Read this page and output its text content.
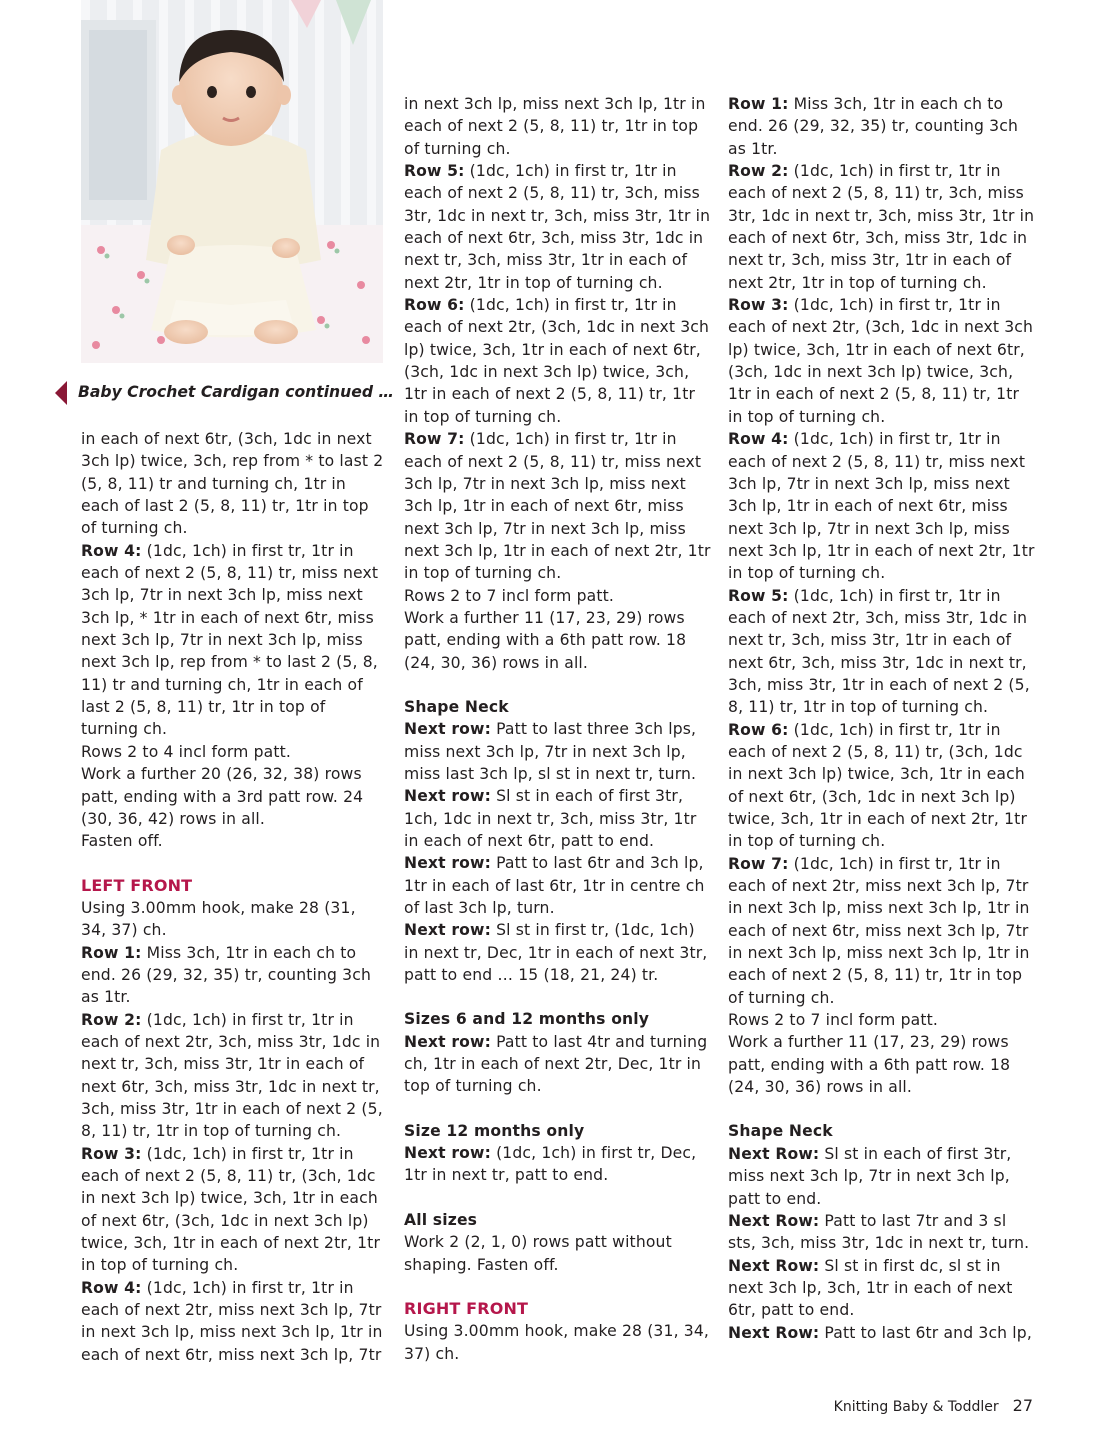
Baby Crochet Cardigan continued …

in each of next 6tr, (3ch, 1dc in next 3ch lp) twice, 3ch, rep from * to last 2 (5, 8, 11) tr and turning ch, 1tr in each of last 2 (5, 8, 11) tr, 1tr in top of turning ch.

Row 4: (1dc, 1ch) in first tr, 1tr in each of next 2 (5, 8, 11) tr, miss next 3ch lp, 7tr in next 3ch lp, miss next 3ch lp, * 1tr in each of next 6tr, miss next 3ch lp, 7tr in next 3ch lp, miss next 3ch lp, rep from * to last 2 (5, 8, 11) tr and turning ch, 1tr in each of last 2 (5, 8, 11) tr, 1tr in top of turning ch.

Rows 2 to 4 incl form patt.

Work a further 20 (26, 32, 38) rows patt, ending with a 3rd patt row. 24 (30, 36, 42) rows in all.

Fasten off.

LEFT FRONT

Using 3.00mm hook, make 28 (31, 34, 37) ch.

Row 1: Miss 3ch, 1tr in each ch to end. 26 (29, 32, 35) tr, counting 3ch as 1tr.

Row 2: (1dc, 1ch) in first tr, 1tr in each of next 2tr, 3ch, miss 3tr, 1dc in next tr, 3ch, miss 3tr, 1tr in each of next 6tr, 3ch, miss 3tr, 1dc in next tr, 3ch, miss 3tr, 1tr in each of next 2 (5, 8, 11) tr, 1tr in top of turning ch.

Row 3: (1dc, 1ch) in first tr, 1tr in each of next 2 (5, 8, 11) tr, (3ch, 1dc in next 3ch lp) twice, 3ch, 1tr in each of next 6tr, (3ch, 1dc in next 3ch lp) twice, 3ch, 1tr in each of next 2tr, 1tr in top of turning ch.

Row 4: (1dc, 1ch) in first tr, 1tr in each of next 2tr, miss next 3ch lp, 7tr in next 3ch lp, miss next 3ch lp, 1tr in each of next 6tr, miss next 3ch lp, 7tr

in next 3ch lp, miss next 3ch lp, 1tr in each of next 2 (5, 8, 11) tr, 1tr in top of turning ch.

Row 5: (1dc, 1ch) in first tr, 1tr in each of next 2 (5, 8, 11) tr, 3ch, miss 3tr, 1dc in next tr, 3ch, miss 3tr, 1tr in each of next 6tr, 3ch, miss 3tr, 1dc in next tr, 3ch, miss 3tr, 1tr in each of next 2tr, 1tr in top of turning ch.

Row 6: (1dc, 1ch) in first tr, 1tr in each of next 2tr, (3ch, 1dc in next 3ch lp) twice, 3ch, 1tr in each of next 6tr, (3ch, 1dc in next 3ch lp) twice, 3ch, 1tr in each of next 2 (5, 8, 11) tr, 1tr in top of turning ch.

Row 7: (1dc, 1ch) in first tr, 1tr in each of next 2 (5, 8, 11) tr, miss next 3ch lp, 7tr in next 3ch lp, miss next 3ch lp, 1tr in each of next 6tr, miss next 3ch lp, 7tr in next 3ch lp, miss next 3ch lp, 1tr in each of next 2tr, 1tr in top of turning ch.

Rows 2 to 7 incl form patt.

Work a further 11 (17, 23, 29) rows patt, ending with a 6th patt row. 18 (24, 30, 36) rows in all.

Shape Neck

Next row: Patt to last three 3ch lps, miss next 3ch lp, 7tr in next 3ch lp, miss last 3ch lp, sl st in next tr, turn.

Next row: Sl st in each of first 3tr, 1ch, 1dc in next tr, 3ch, miss 3tr, 1tr in each of next 6tr, patt to end.

Next row: Patt to last 6tr and 3ch lp, 1tr in each of last 6tr, 1tr in centre ch of last 3ch lp, turn.

Next row: Sl st in first tr, (1dc, 1ch) in next tr, Dec, 1tr in each of next 3tr, patt to end … 15 (18, 21, 24) tr.

Sizes 6 and 12 months only

Next row: Patt to last 4tr and turning ch, 1tr in each of next 2tr, Dec, 1tr in top of turning ch.

Size 12 months only

Next row: (1dc, 1ch) in first tr, Dec, 1tr in next tr, patt to end.

All sizes

Work 2 (2, 1, 0) rows patt without shaping. Fasten off.

RIGHT FRONT

Using 3.00mm hook, make 28 (31, 34, 37) ch.

Row 1: Miss 3ch, 1tr in each ch to end. 26 (29, 32, 35) tr, counting 3ch as 1tr.

Row 2: (1dc, 1ch) in first tr, 1tr in each of next 2 (5, 8, 11) tr, 3ch, miss 3tr, 1dc in next tr, 3ch, miss 3tr, 1tr in each of next 6tr, 3ch, miss 3tr, 1dc in next tr, 3ch, miss 3tr, 1tr in each of next 2tr, 1tr in top of turning ch.

Row 3: (1dc, 1ch) in first tr, 1tr in each of next 2tr, (3ch, 1dc in next 3ch lp) twice, 3ch, 1tr in each of next 6tr, (3ch, 1dc in next 3ch lp) twice, 3ch, 1tr in each of next 2 (5, 8, 11) tr, 1tr in top of turning ch.

Row 4: (1dc, 1ch) in first tr, 1tr in each of next 2 (5, 8, 11) tr, miss next 3ch lp, 7tr in next 3ch lp, miss next 3ch lp, 1tr in each of next 6tr, miss next 3ch lp, 7tr in next 3ch lp, miss next 3ch lp, 1tr in each of next 2tr, 1tr in top of turning ch.

Row 5: (1dc, 1ch) in first tr, 1tr in each of next 2tr, 3ch, miss 3tr, 1dc in next tr, 3ch, miss 3tr, 1tr in each of next 6tr, 3ch, miss 3tr, 1dc in next tr, 3ch, miss 3tr, 1tr in each of next 2 (5, 8, 11) tr, 1tr in top of turning ch.

Row 6: (1dc, 1ch) in first tr, 1tr in each of next 2 (5, 8, 11) tr, (3ch, 1dc in next 3ch lp) twice, 3ch, 1tr in each of next 6tr, (3ch, 1dc in next 3ch lp) twice, 3ch, 1tr in each of next 2tr, 1tr in top of turning ch.

Row 7: (1dc, 1ch) in first tr, 1tr in each of next 2tr, miss next 3ch lp, 7tr in next 3ch lp, miss next 3ch lp, 1tr in each of next 6tr, miss next 3ch lp, 7tr in next 3ch lp, miss next 3ch lp, 1tr in each of next 2 (5, 8, 11) tr, 1tr in top of turning ch.

Rows 2 to 7 incl form patt.

Work a further 11 (17, 23, 29) rows patt, ending with a 6th patt row. 18 (24, 30, 36) rows in all.

Shape Neck

Next Row: Sl st in each of first 3tr, miss next 3ch lp, 7tr in next 3ch lp, patt to end.

Next Row: Patt to last 7tr and 3 sl sts, 3ch, miss 3tr, 1dc in next tr, turn.

Next Row: Sl st in first dc, sl st in next 3ch lp, 3ch, 1tr in each of next 6tr, patt to end.

Next Row: Patt to last 6tr and 3ch lp,

Knitting Baby & Toddler 27
